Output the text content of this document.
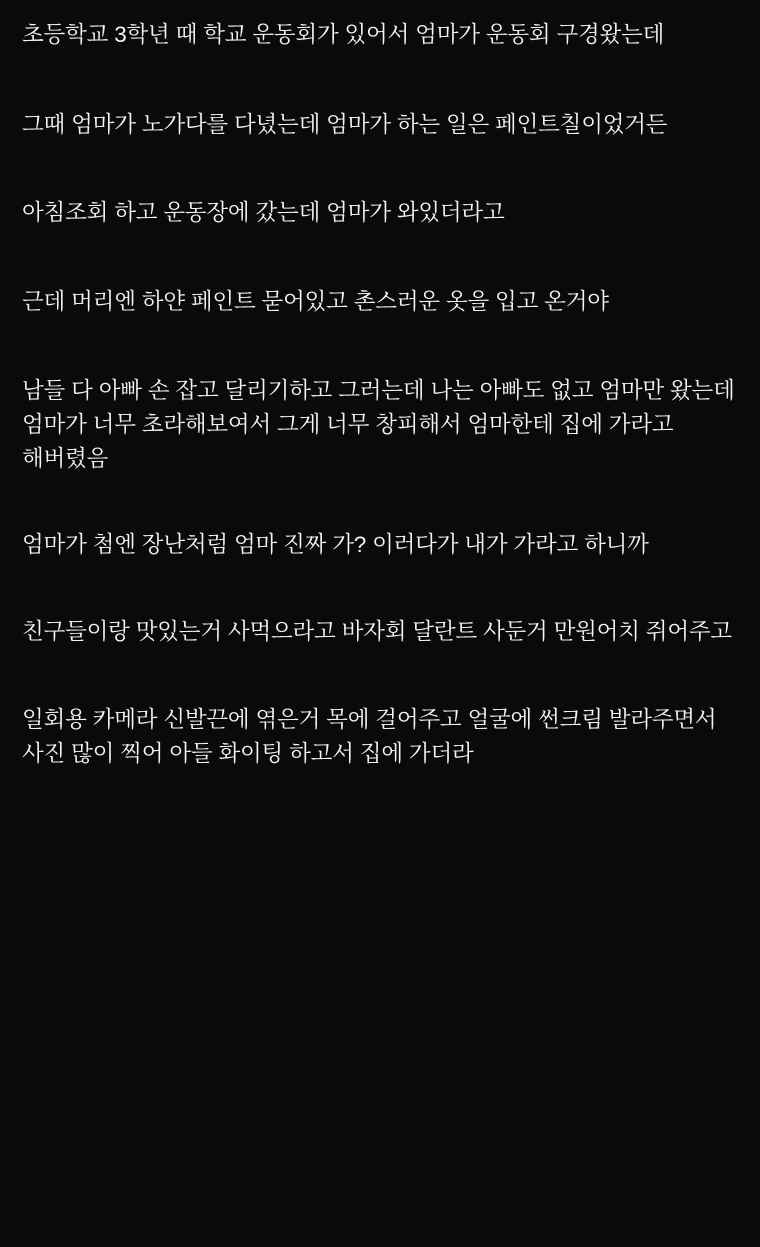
초등학교 3학년 때 학교 운동회가 있어서 엄마가 운동회 구경왔는데

그때 엄마가 노가다를 다녔는데 엄마가 하는 일은 페인트칠이었거든

아침조회 하고 운동장에 갔는데 엄마가 와있더라고

근데 머리엔 하얀 페인트 묻어있고 촌스러운 옷을 입고 온거야

남들 다 아빠 손 잡고 달리기하고 그러는데 나는 아빠도 없고 엄마만 왔는데 엄마가 너무 초라해보여서 그게 너무 창피해서 엄마한테 집에 가라고 해버렸음

엄마가 첨엔 장난처럼 엄마 진짜 가? 이러다가 내가 가라고 하니까

친구들이랑 맛있는거 사먹으라고 바자회 달란트 사둔거 만원어치 쥐어주고

일회용 카메라 신발끈에 엮은거 목에 걸어주고 얼굴에 썬크림 발라주면서 사진 많이 찍어 아들 화이팅 하고서 집에 가더라
